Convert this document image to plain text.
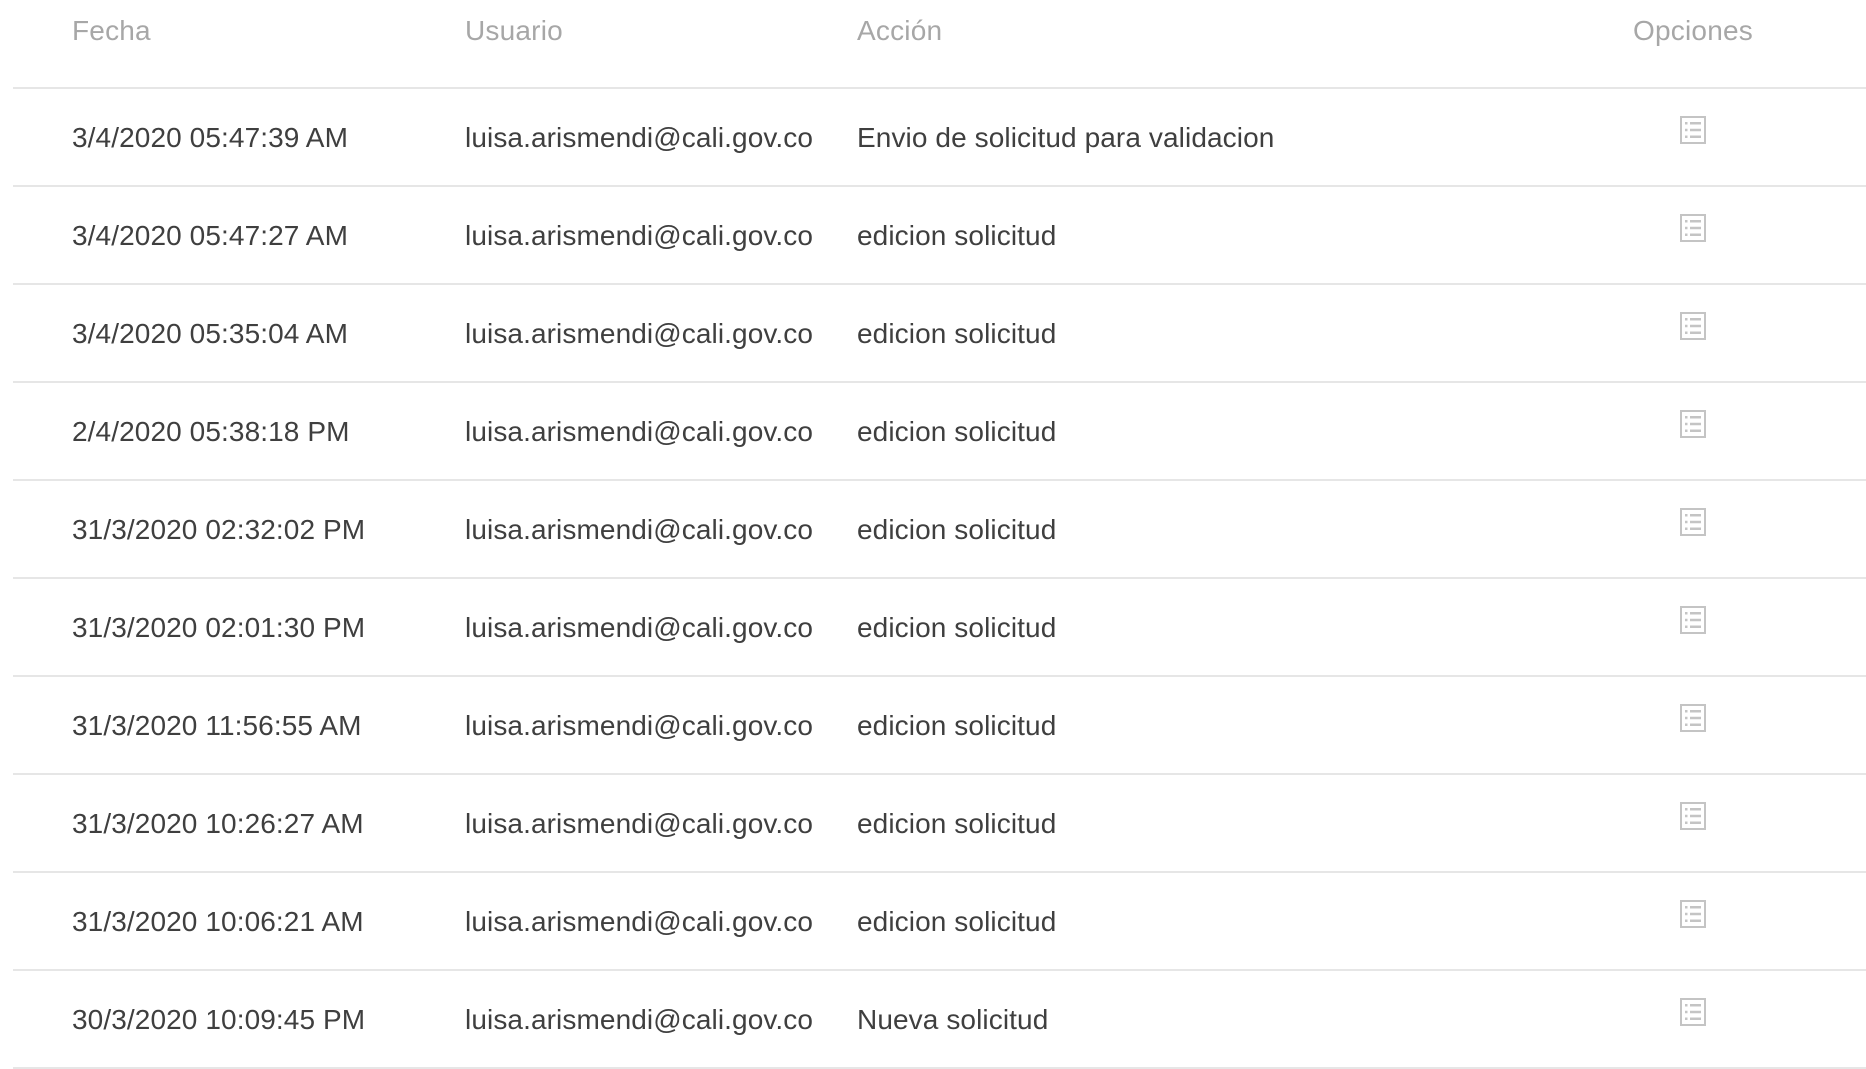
Fecha	Usuario	Acción	Opciones
3/4/2020 05:47:39 AM	luisa.arismendi@cali.gov.co Envio de solicitud para validacion
3/4/2020 05:47:27 AM	luisa.arismendi@cali.gov.co edicion solicitud
3/4/2020 05:35:04 AM	luisa.arismendi@cali.gov.co edicion solicitud
2/4/2020 05:38:18 PM	luisa.arismendi@cali.gov.co edicion solicitud
31/3/2020 02:32:02 PM	luisa.arismendi@cali.gov.co edicion solicitud
31/3/2020 02:01:30 PM	luisa.arismendi@cali.gov.co edicion solicitud
31/3/2020 11:56:55 AM	luisa.arismendi@cali.gov.co edicion solicitud
31/3/2020 10:26:27 AM	luisa.arismendi@cali.gov.co edicion solicitud
31/3/2020 10:06:21 AM	luisa.arismendi@cali.gov.co edicion solicitud
30/3/2020 10:09:45 PM	luisa.arismendi@cali.gov.co Nueva solicitud
